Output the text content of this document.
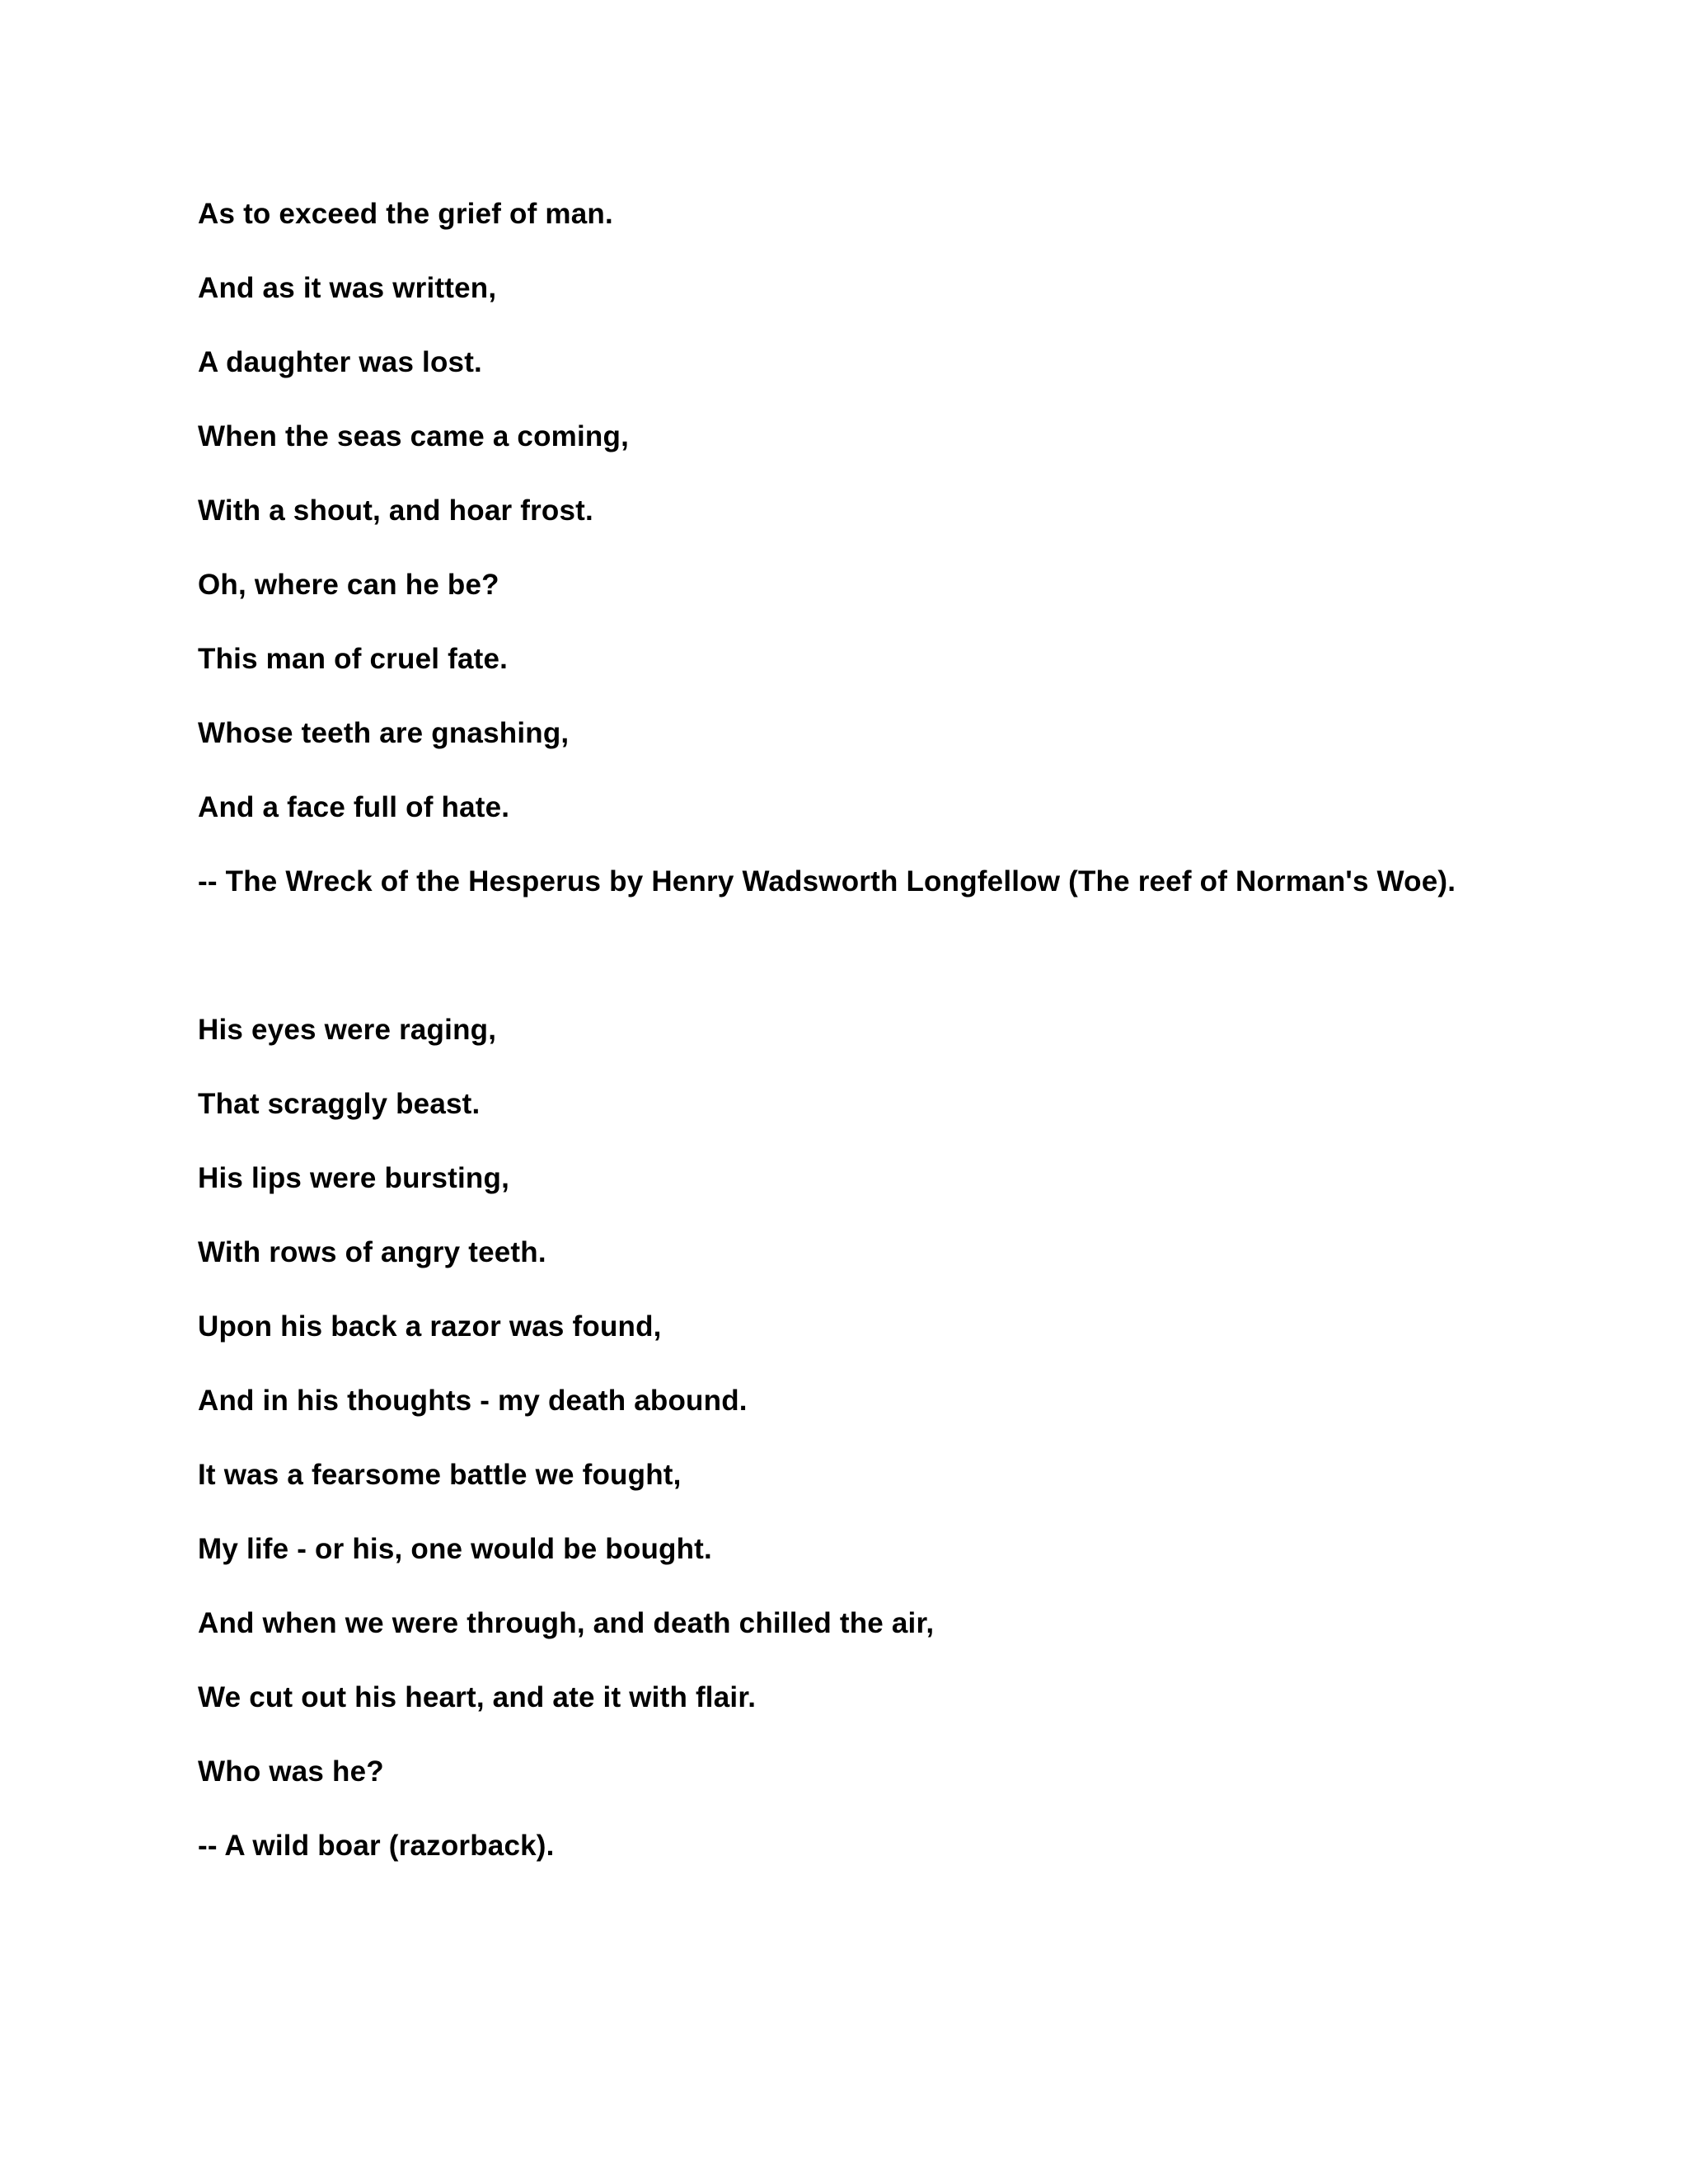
As to exceed the grief of man.
And as it was written,
A daughter was lost.
When the seas came a coming,
With a shout, and hoar frost.
Oh, where can he be?
This man of cruel fate.
Whose teeth are gnashing,
And a face full of hate.
-- The Wreck of the Hesperus by Henry Wadsworth Longfellow (The reef of Norman's Woe).
His eyes were raging,
That scraggly beast.
His lips were bursting,
With rows of angry teeth.
Upon his back a razor was found,
And in his thoughts - my death abound.
It was a fearsome battle we fought,
My life - or his, one would be bought.
And when we were through, and death chilled the air,
We cut out his heart, and ate it with flair.
Who was he?
-- A wild boar (razorback).
